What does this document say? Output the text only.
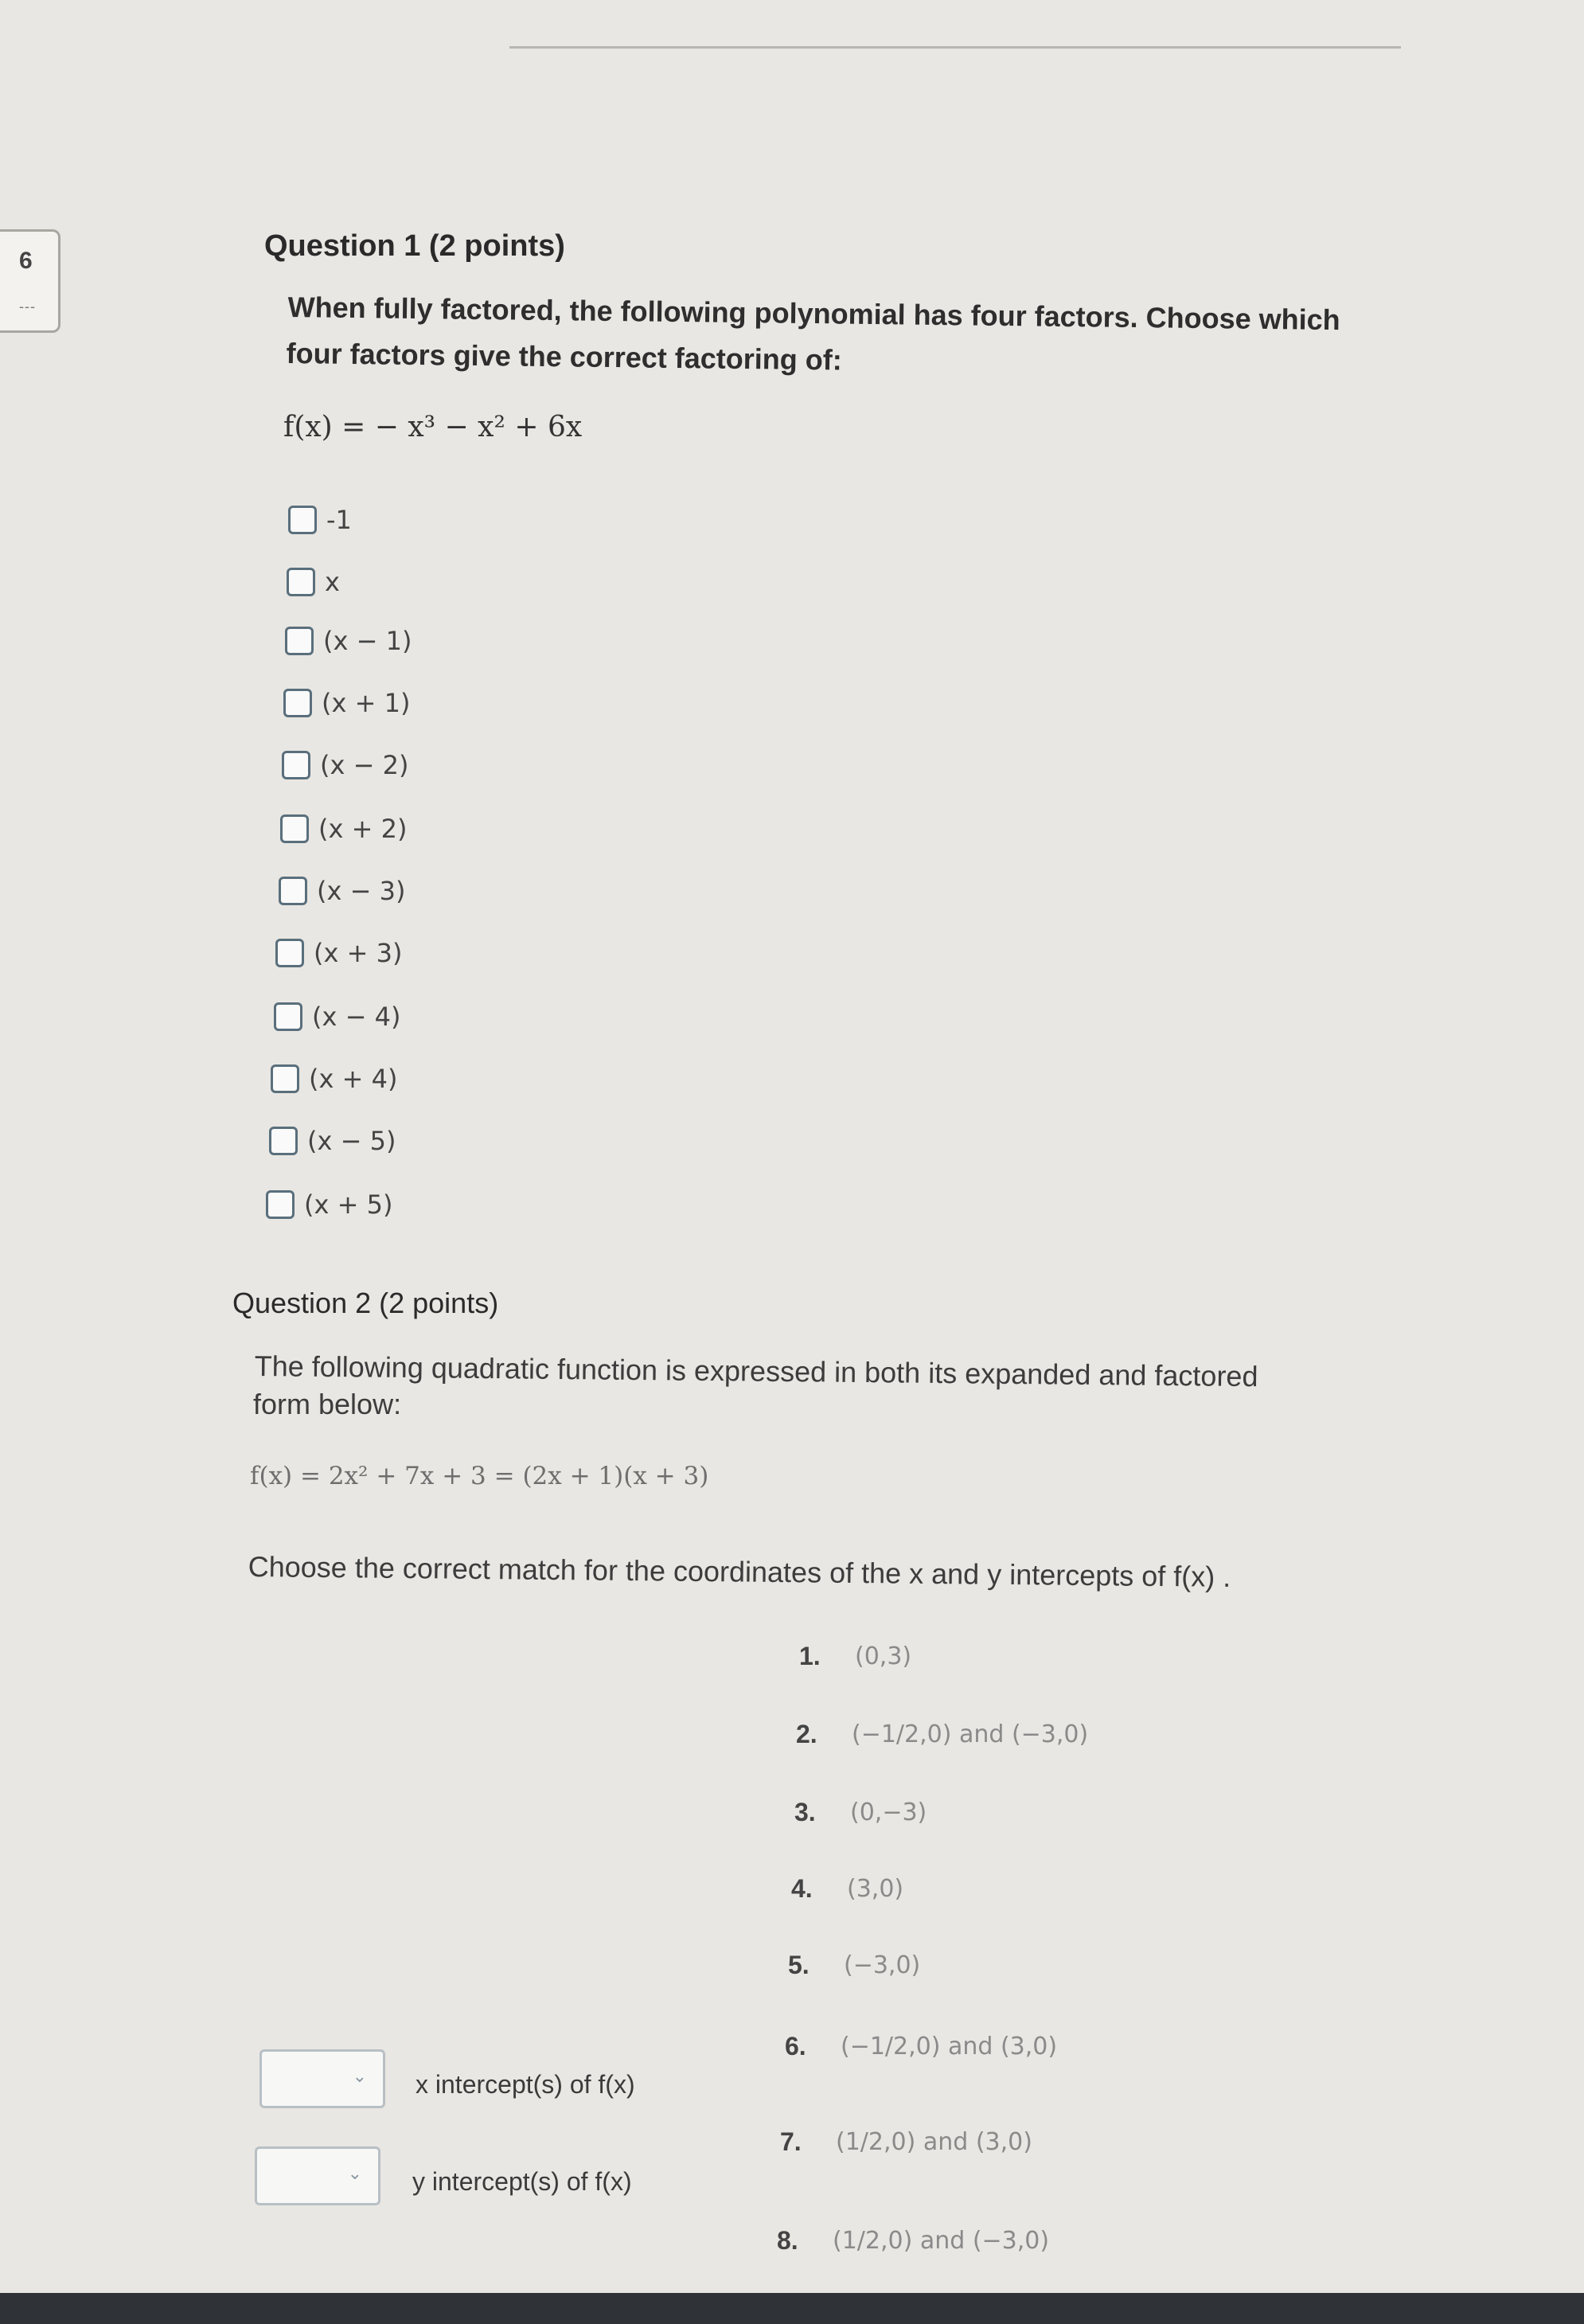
6
---
Question 1 (2 points)
When fully factored, the following polynomial has four factors. Choose which
four factors give the correct factoring of:
f(x) = − x³ − x² + 6x
-1
x
(x − 1)
(x + 1)
(x − 2)
(x + 2)
(x − 3)
(x + 3)
(x − 4)
(x + 4)
(x − 5)
(x + 5)
Question 2 (2 points)
The following quadratic function is expressed in both its expanded and factored
form below:
f(x) = 2x² + 7x + 3 = (2x + 1)(x + 3)
Choose the correct match for the coordinates of the x and y intercepts of f(x) .
1.	(0,3)
2.	(−1/2,0) and (−3,0)
3.	(0,−3)
4.	(3,0)
5.	(−3,0)
6.	(−1/2,0) and (3,0)
7.	(1/2,0) and (3,0)
8.	(1/2,0) and (−3,0)
⌄ x intercept(s) of f(x)
⌄ y intercept(s) of f(x)
